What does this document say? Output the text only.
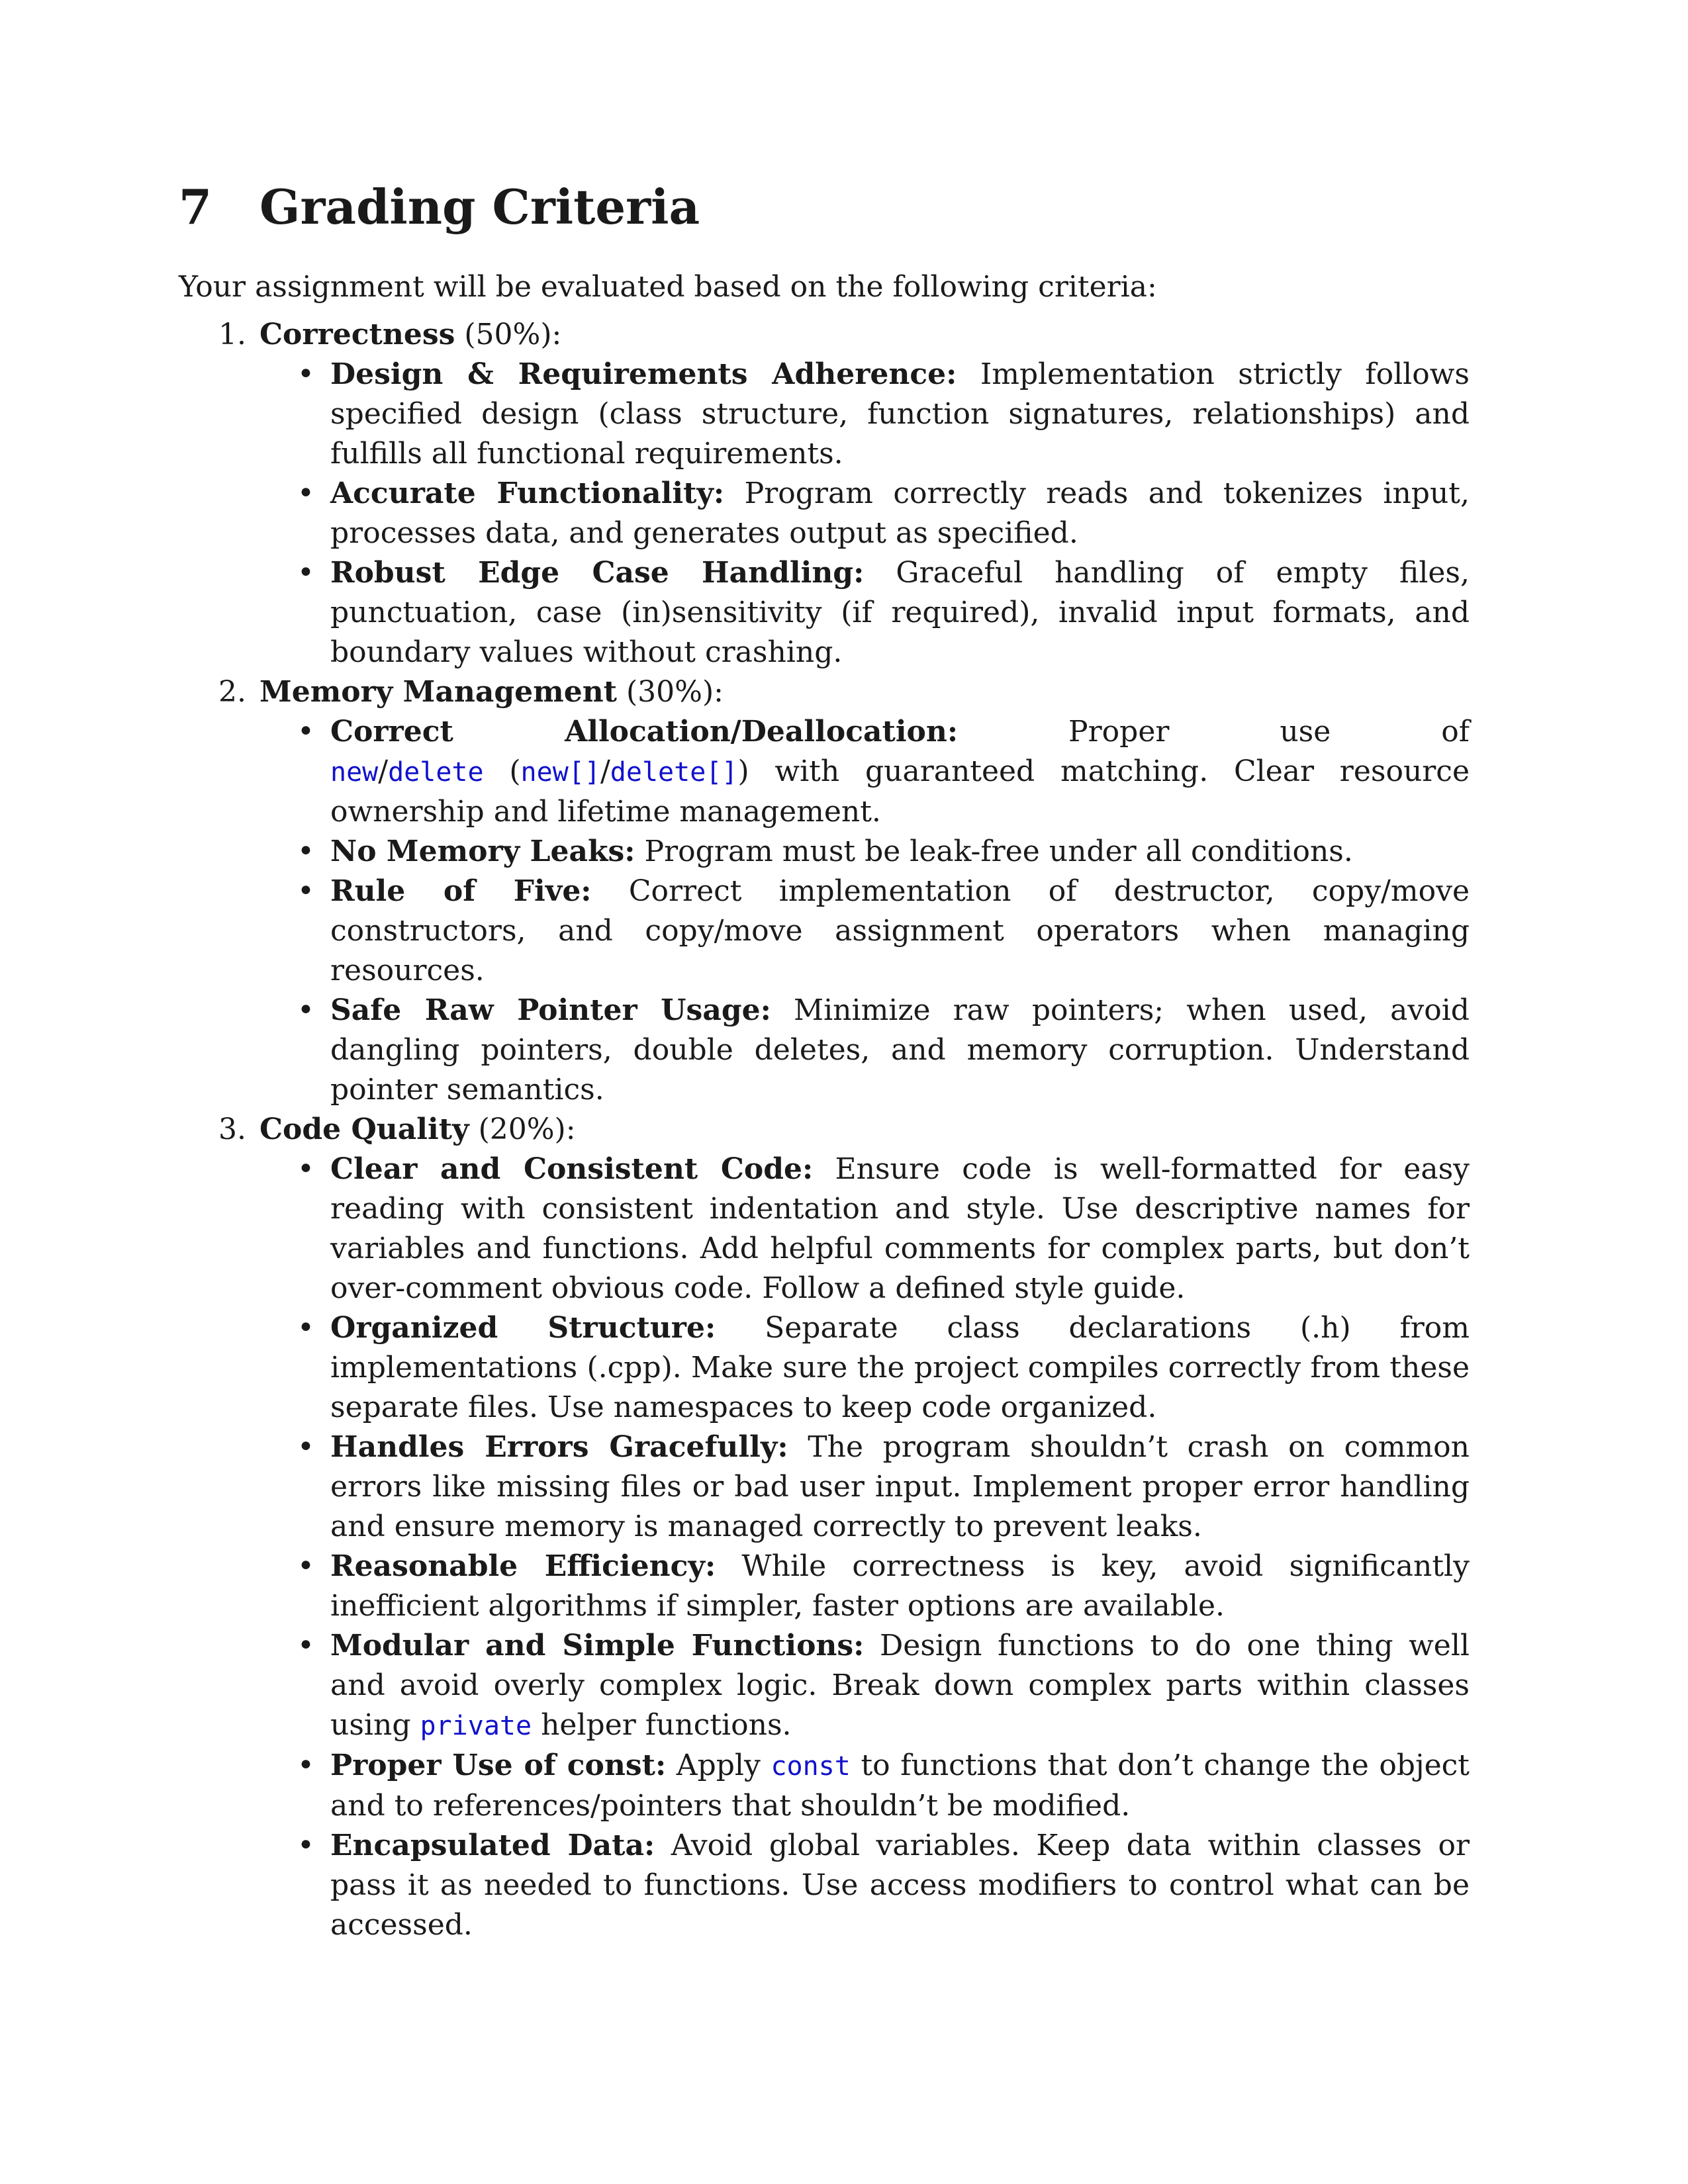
7 Grading Criteria

Your assignment will be evaluated based on the following criteria:

1. Correctness (50%):
• Design & Requirements Adherence: Implementation strictly follows specified design (class structure, function signatures, relationships) and fulfills all functional requirements.
• Accurate Functionality: Program correctly reads and tokenizes input, processes data, and generates output as specified.
• Robust Edge Case Handling: Graceful handling of empty files, punctuation, case (in)sensitivity (if required), invalid input formats, and boundary values without crashing.
2. Memory Management (30%):
• Correct Allocation/Deallocation:	Proper use of new/delete (new[]/delete[]) with guaranteed matching. Clear resource ownership and lifetime management.
• No Memory Leaks: Program must be leak-free under all conditions.
• Rule of Five: Correct implementation of destructor, copy/move constructors, and copy/move assignment operators when managing resources.
• Safe Raw Pointer Usage: Minimize raw pointers; when used, avoid dangling pointers, double deletes, and memory corruption. Understand pointer semantics.
3. Code Quality (20%):
• Clear and Consistent Code: Ensure code is well-formatted for easy reading with consistent indentation and style. Use descriptive names for variables and functions. Add helpful comments for complex parts, but don’t over-comment obvious code. Follow a defined style guide.
• Organized Structure: Separate class declarations (.h) from implementations (.cpp). Make sure the project compiles correctly from these separate files. Use namespaces to keep code organized.
• Handles Errors Gracefully: The program shouldn’t crash on common errors like missing files or bad user input. Implement proper error handling and ensure memory is managed correctly to prevent leaks.
• Reasonable Efficiency: While correctness is key, avoid significantly inefficient algorithms if simpler, faster options are available.
• Modular and Simple Functions: Design functions to do one thing well and avoid overly complex logic. Break down complex parts within classes using private helper functions.
• Proper Use of const: Apply const to functions that don’t change the object and to references/pointers that shouldn’t be modified.
• Encapsulated Data: Avoid global variables. Keep data within classes or pass it as needed to functions. Use access modifiers to control what can be accessed.
